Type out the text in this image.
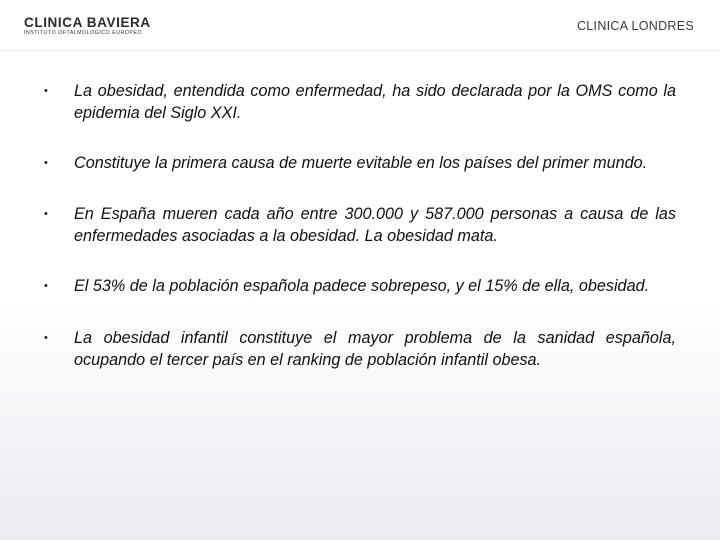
CLINICA BAVIERA
INSTITUTO OFTALMOLOGICO EUROPEO	CLINICA LONDRES
• La obesidad, entendida como enfermedad, ha sido declarada por la OMS como la epidemia del Siglo XXI.
• Constituye la primera causa de muerte evitable en los países del primer mundo.
• En España mueren cada año entre 300.000 y 587.000 personas a causa de las enfermedades asociadas a la obesidad. La obesidad mata.
• El 53% de la población española padece sobrepeso, y el 15% de ella, obesidad.
• La obesidad infantil constituye el mayor problema de la sanidad española, ocupando el tercer país en el ranking de población infantil obesa.
